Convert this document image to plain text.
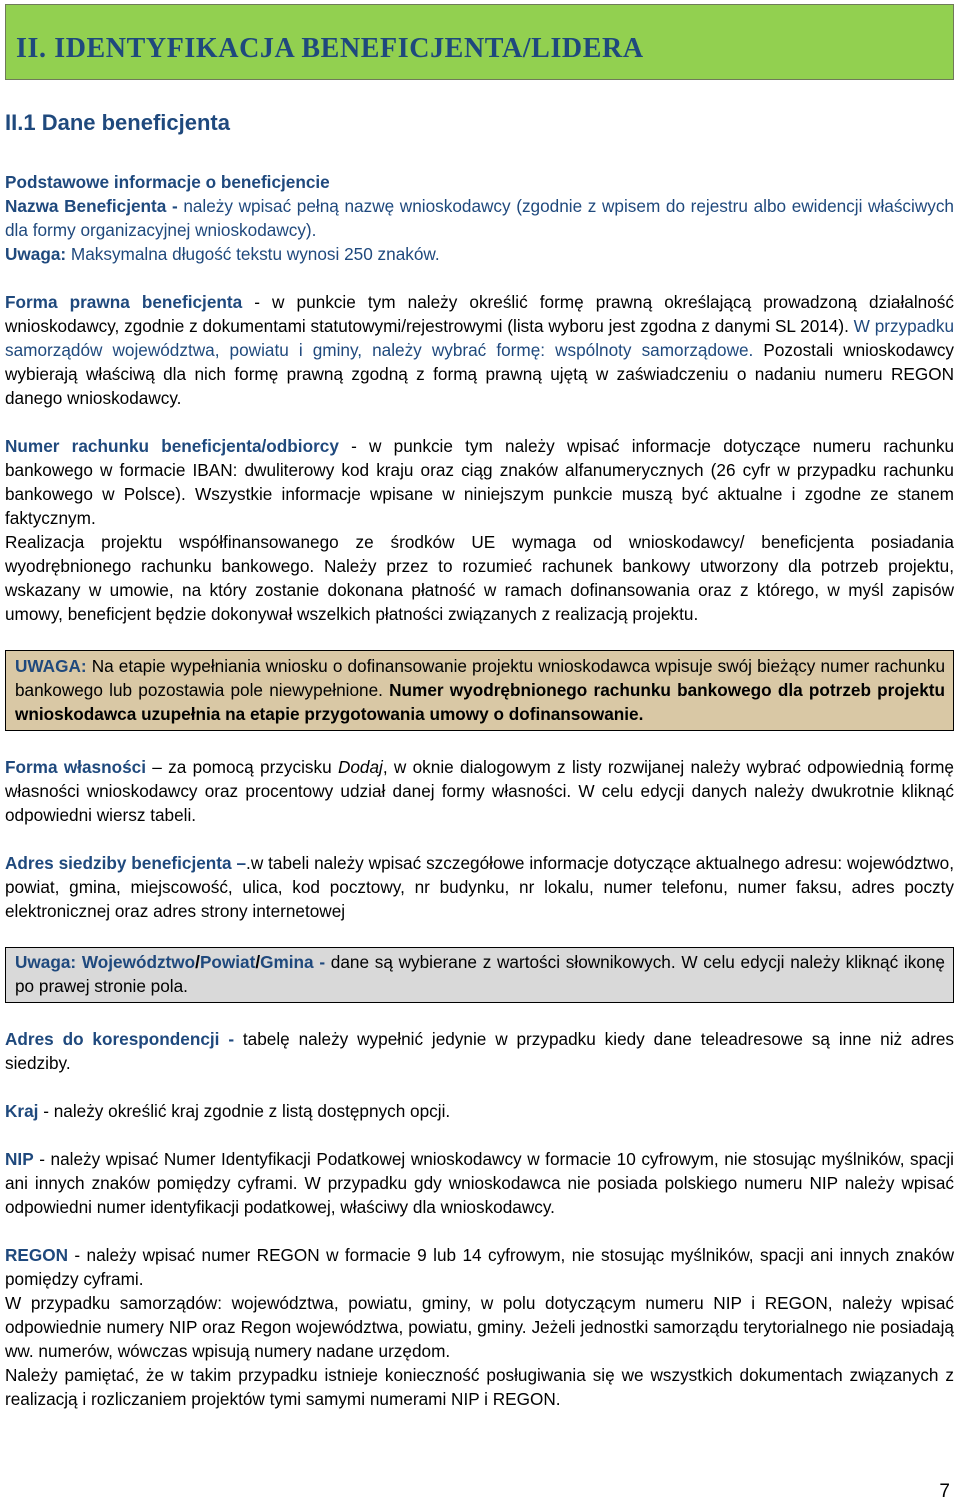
II. IDENTYFIKACJA BENEFICJENTA/LIDERA
II.1 Dane beneficjenta

Podstawowe informacje o beneficjencie

Nazwa Beneficjenta - należy wpisać pełną nazwę wnioskodawcy (zgodnie z wpisem do rejestru albo ewidencji właściwych dla formy organizacyjnej wnioskodawcy).

Uwaga: Maksymalna długość tekstu wynosi 250 znaków.

Forma prawna beneficjenta - w punkcie tym należy określić formę prawną określającą prowadzoną działalność wnioskodawcy, zgodnie z dokumentami statutowymi/rejestrowymi (lista wyboru jest zgodna z danymi SL 2014). W przypadku samorządów województwa, powiatu i gminy, należy wybrać formę: wspólnoty samorządowe. Pozostali wnioskodawcy wybierają właściwą dla nich formę prawną zgodną z formą prawną ujętą w zaświadczeniu o nadaniu numeru REGON danego wnioskodawcy.

Numer rachunku beneficjenta/odbiorcy - w punkcie tym należy wpisać informacje dotyczące numeru rachunku bankowego w formacie IBAN: dwuliterowy kod kraju oraz ciąg znaków alfanumerycznych (26 cyfr w przypadku rachunku bankowego w Polsce). Wszystkie informacje wpisane w niniejszym punkcie muszą być aktualne i zgodne ze stanem faktycznym.

Realizacja projektu współfinansowanego ze środków UE wymaga od wnioskodawcy/ beneficjenta posiadania wyodrębnionego rachunku bankowego. Należy przez to rozumieć rachunek bankowy utworzony dla potrzeb projektu, wskazany w umowie, na który zostanie dokonana płatność w ramach dofinansowania oraz z którego, w myśl zapisów umowy, beneficjent będzie dokonywał wszelkich płatności związanych z realizacją projektu.

UWAGA: Na etapie wypełniania wniosku o dofinansowanie projektu wnioskodawca wpisuje swój bieżący numer rachunku bankowego lub pozostawia pole niewypełnione. Numer wyodrębnionego rachunku bankowego dla potrzeb projektu wnioskodawca uzupełnia na etapie przygotowania umowy o dofinansowanie.

Forma własności – za pomocą przycisku Dodaj, w oknie dialogowym z listy rozwijanej należy wybrać odpowiednią formę własności wnioskodawcy oraz procentowy udział danej formy własności. W celu edycji danych należy dwukrotnie kliknąć odpowiedni wiersz tabeli.

Adres siedziby beneficjenta –.w tabeli należy wpisać szczegółowe informacje dotyczące aktualnego adresu: województwo, powiat, gmina, miejscowość, ulica, kod pocztowy, nr budynku, nr lokalu, numer telefonu, numer faksu, adres poczty elektronicznej oraz adres strony internetowej

Uwaga: Województwo/Powiat/Gmina - dane są wybierane z wartości słownikowych. W celu edycji należy kliknąć ikonę po prawej stronie pola.

Adres do korespondencji - tabelę należy wypełnić jedynie w przypadku kiedy dane teleadresowe są inne niż adres siedziby.

Kraj - należy określić kraj zgodnie z listą dostępnych opcji.

NIP - należy wpisać Numer Identyfikacji Podatkowej wnioskodawcy w formacie 10 cyfrowym, nie stosując myślników, spacji ani innych znaków pomiędzy cyframi. W przypadku gdy wnioskodawca nie posiada polskiego numeru NIP należy wpisać odpowiedni numer identyfikacji podatkowej, właściwy dla wnioskodawcy.

REGON - należy wpisać numer REGON w formacie 9 lub 14 cyfrowym, nie stosując myślników, spacji ani innych znaków pomiędzy cyframi.

W przypadku samorządów: województwa, powiatu, gminy, w polu dotyczącym numeru NIP i REGON, należy wpisać odpowiednie numery NIP oraz Regon województwa, powiatu, gminy. Jeżeli jednostki samorządu terytorialnego nie posiadają ww. numerów, wówczas wpisują numery nadane urzędom.

Należy pamiętać, że w takim przypadku istnieje konieczność posługiwania się we wszystkich dokumentach związanych z realizacją i rozliczaniem projektów tymi samymi numerami NIP i REGON.

7
